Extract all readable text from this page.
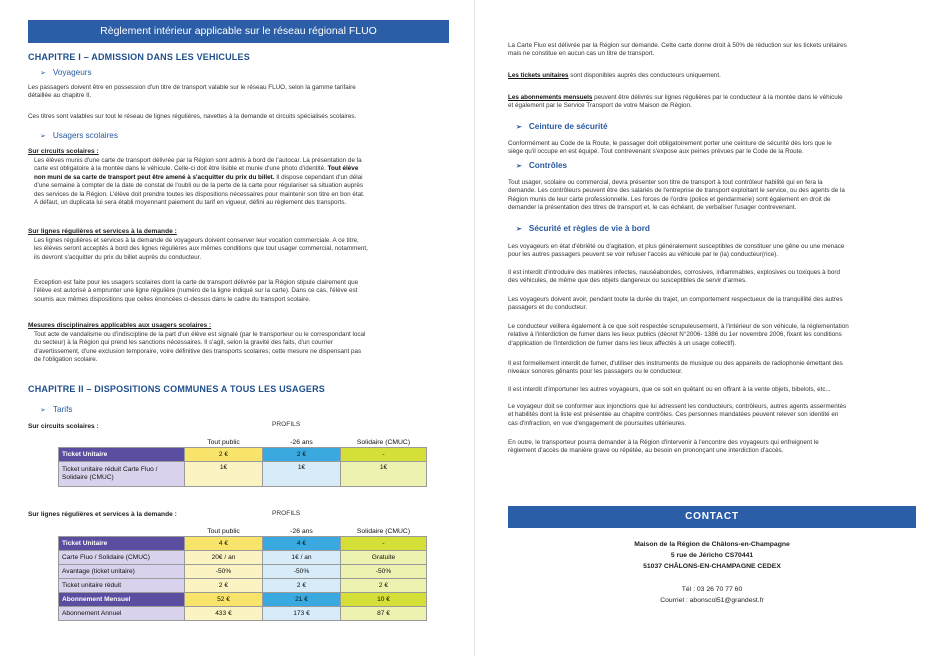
Règlement intérieur applicable sur le réseau régional FLUO
CHAPITRE I – ADMISSION DANS LES VEHICULES
➢ Voyageurs
Les passagers doivent être en possession d'un titre de transport valable sur le réseau FLUO, selon la gamme tarifaire
détaillée au chapitre II.
Ces titres sont valables sur tout le réseau de lignes régulières, navettes à la demande et circuits spécialisés scolaires.
➢ Usagers scolaires
Sur circuits scolaires :
Les élèves munis d'une carte de transport délivrée par la Région sont admis à bord de l'autocar. La présentation de la
carte est obligatoire à la montée dans le véhicule. Celle-ci doit être lisible et munie d'une photo d'identité. Tout élève
non muni de sa carte de transport peut être amené à s'acquitter du prix du billet. Il dispose cependant d'un délai
d'une semaine à compter de la date de constat de l'oubli ou de la perte de la carte pour régulariser sa situation auprès
des services de la Région. L'élève doit prendre toutes les dispositions nécessaires pour maintenir son titre en bon état.
A défaut, un duplicata lui sera établi moyennant paiement du tarif en vigueur, défini au règlement des transports.
Sur lignes régulières et services à la demande :
Les lignes régulières et services à la demande de voyageurs doivent conserver leur vocation commerciale. A ce titre,
les élèves seront acceptés à bord des lignes régulières aux mêmes conditions que tout usager commercial, notamment,
ils devront s'acquitter du prix du billet auprès du conducteur.
Exception est faite pour les usagers scolaires dont la carte de transport délivrée par la Région stipule clairement que
l'élève est autorisé à emprunter une ligne régulière (numéro de la ligne indiqué sur la carte). Dans ce cas, l'élève est
soumis aux mêmes dispositions que celles énoncées ci-dessus dans le cadre du transport scolaire.
Mesures disciplinaires applicables aux usagers scolaires :
Tout acte de vandalisme ou d'indiscipline de la part d'un élève est signalé (par le transporteur ou le correspondant local
du secteur) à la Région qui prend les sanctions nécessaires. Il s'agit, selon la gravité des faits, d'un courrier
d'avertissement, d'une exclusion temporaire, voire définitive des transports scolaires; cette mesure ne dispensant pas
de l'obligation scolaire.
CHAPITRE II – DISPOSITIONS COMMUNES A TOUS LES USAGERS
➢ Tarifs
Sur circuits scolaires :	PROFILS
	Tout public	-26 ans	Solidaire (CMUC)
Ticket Unitaire	2 €	2 €	-
Ticket unitaire réduit Carte Fluo / Solidaire (CMUC)	1€	1€	1€
Sur lignes régulières et services à la demande :	PROFILS
	Tout public	-26 ans	Solidaire (CMUC)
Ticket Unitaire	4 €	4 €	-
Carte Fluo / Solidaire (CMUC)	20€ / an	1€ / an	Gratuite
Avantage (ticket unitaire)	-50%	-50%	-50%
Ticket unitaire réduit	2 €	2 €	2 €
Abonnement Mensuel	52 €	21 €	10 €
Abonnement Annuel	433 €	173 €	87 €
La Carte Fluo est délivrée par la Région sur demande. Cette carte donne droit à 50% de réduction sur les tickets unitaires
mais ne constitue en aucun cas un titre de transport.
Les tickets unitaires sont disponibles auprès des conducteurs uniquement.
Les abonnements mensuels peuvent être délivrés sur lignes régulières par le conducteur à la montée dans le véhicule
et également par le Service Transport de votre Maison de Région.
➢ Ceinture de sécurité
Conformément au Code de la Route, le passager doit obligatoirement porter une ceinture de sécurité dès lors que le
siège qu'il occupe en est équipé. Tout contrevenant s'expose aux peines prévues par le Code de la Route.
➢ Contrôles
Tout usager, scolaire ou commercial, devra présenter son titre de transport à tout contrôleur habilité qui en fera la
demande. Les contrôleurs peuvent être des salariés de l'entreprise de transport exploitant le service, ou des agents de la
Région munis de leur carte professionnelle. Les forces de l'ordre (police et gendarmerie) sont également en droit de
demander la présentation des titres de transport et, le cas échéant, de verbaliser l'usager contrevenant.
➢ Sécurité et règles de vie à bord
Les voyageurs en état d'ébriété ou d'agitation, et plus généralement susceptibles de constituer une gêne ou une menace
pour les autres passagers peuvent se voir refuser l'accès au véhicule par le (la) conducteur(rice).
Il est interdit d'introduire des matières infectes, nauséabondes, corrosives, inflammables, explosives ou toxiques à bord
des véhicules, de même que des objets dangereux ou susceptibles de servir d'armes.
Les voyageurs doivent avoir, pendant toute la durée du trajet, un comportement respectueux de la tranquillité des autres
passagers et du conducteur.
Le conducteur veillera également à ce que soit respectée scrupuleusement, à l'intérieur de son véhicule, la réglementation
relative à l'interdiction de fumer dans les lieux publics (décret N°2006- 1386 du 1er novembre 2006, fixant les conditions
d'application de l'interdiction de fumer dans les lieux affectés à un usage collectif).
Il est formellement interdit de fumer, d'utiliser des instruments de musique ou des appareils de radiophonie émettant des
niveaux sonores gênants pour les passagers ou le conducteur.
Il est interdit d'importuner les autres voyageurs, que ce soit en quêtant ou en offrant à la vente objets, bibelots, etc...
Le voyageur doit se conformer aux injonctions que lui adressent les conducteurs, contrôleurs, autres agents assermentés
et habilités dont la liste est présentée au chapitre contrôles. Ces personnes mandatées peuvent relever son identité en
cas d'infraction, en vue d'engagement de poursuites ultérieures.
En outre, le transporteur pourra demander à la Région d'intervenir à l'encontre des voyageurs qui enfreignent le
règlement d'accès de manière grave ou répétée, au besoin en prononçant une interdiction d'accès.
CONTACT
Maison de la Région de Châlons-en-Champagne
5 rue de Jéricho CS70441
51037 CHÂLONS-EN-CHAMPAGNE CEDEX
Tél : 03 26 70 77 60
Courriel : abonscol51@grandest.fr
